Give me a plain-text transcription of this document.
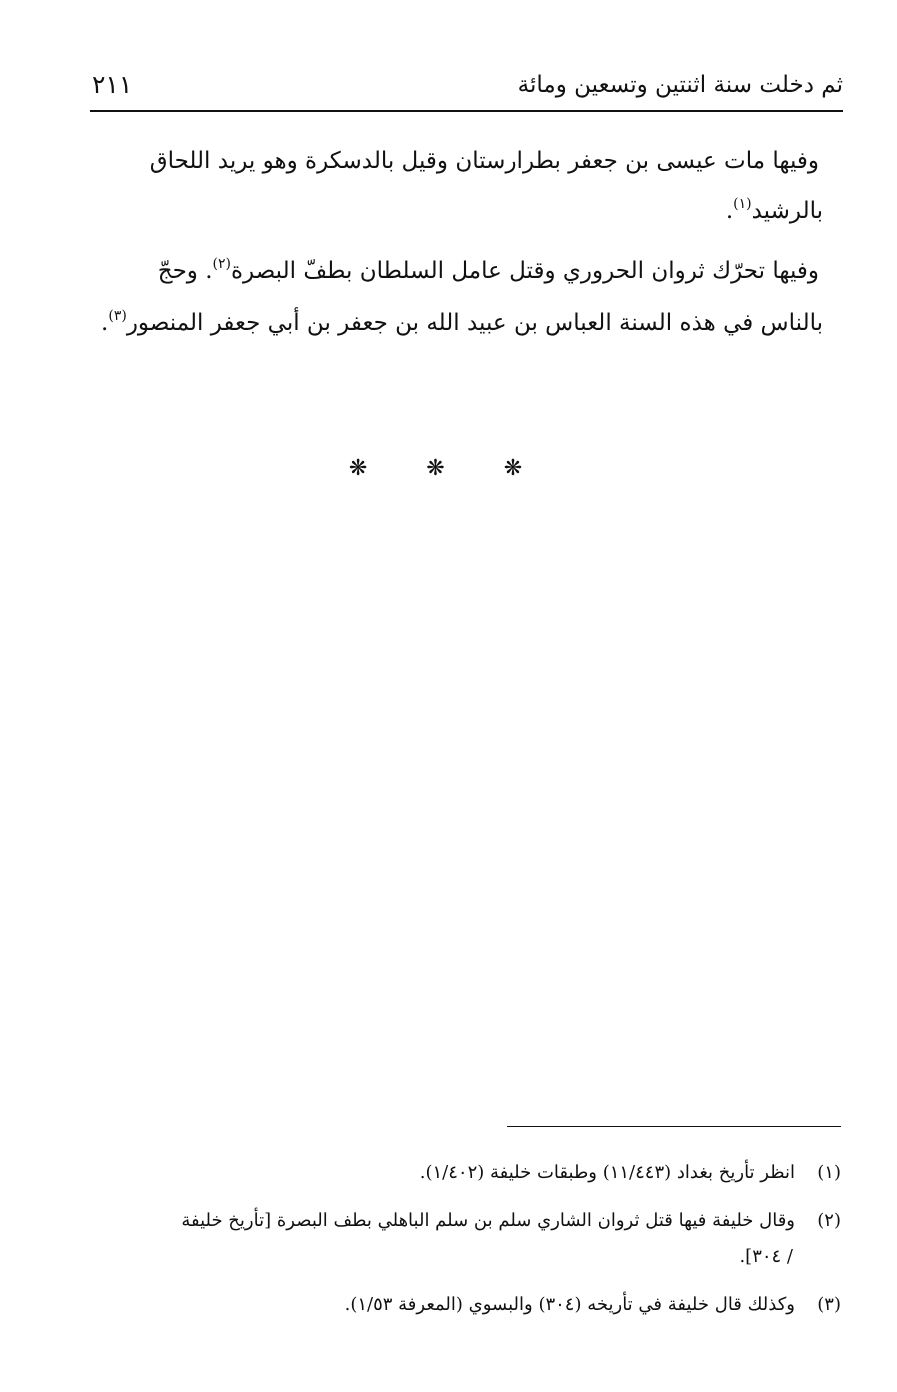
ثم دخلت سنة اثنتين وتسعين ومائة
٢١١
وفيها مات عيسى بن جعفر بطرارستان وقيل بالدسكرة وهو يريد اللحاق
بالرشيد$^{(١)}$.
وفيها تحرّك ثروان الحروري وقتل عامل السلطان بطفّ البصرة$^{(٢)}$. وحجّ
بالناس في هذه السنة العباس بن عبيد الله بن جعفر بن أبي جعفر المنصور$^{(٣)}$.
❋ ❋ ❋
(١)انظر تأريخ بغداد (١١/٤٤٣) وطبقات خليفة (١/٤٠٢).
(٢)وقال خليفة فيها قتل ثروان الشاري سلم بن سلم الباهلي بطف البصرة [تأريخ خليفة
/ ٣٠٤].
(٣)وكذلك قال خليفة في تأريخه (٣٠٤) والبسوي (المعرفة ١/٥٣).
